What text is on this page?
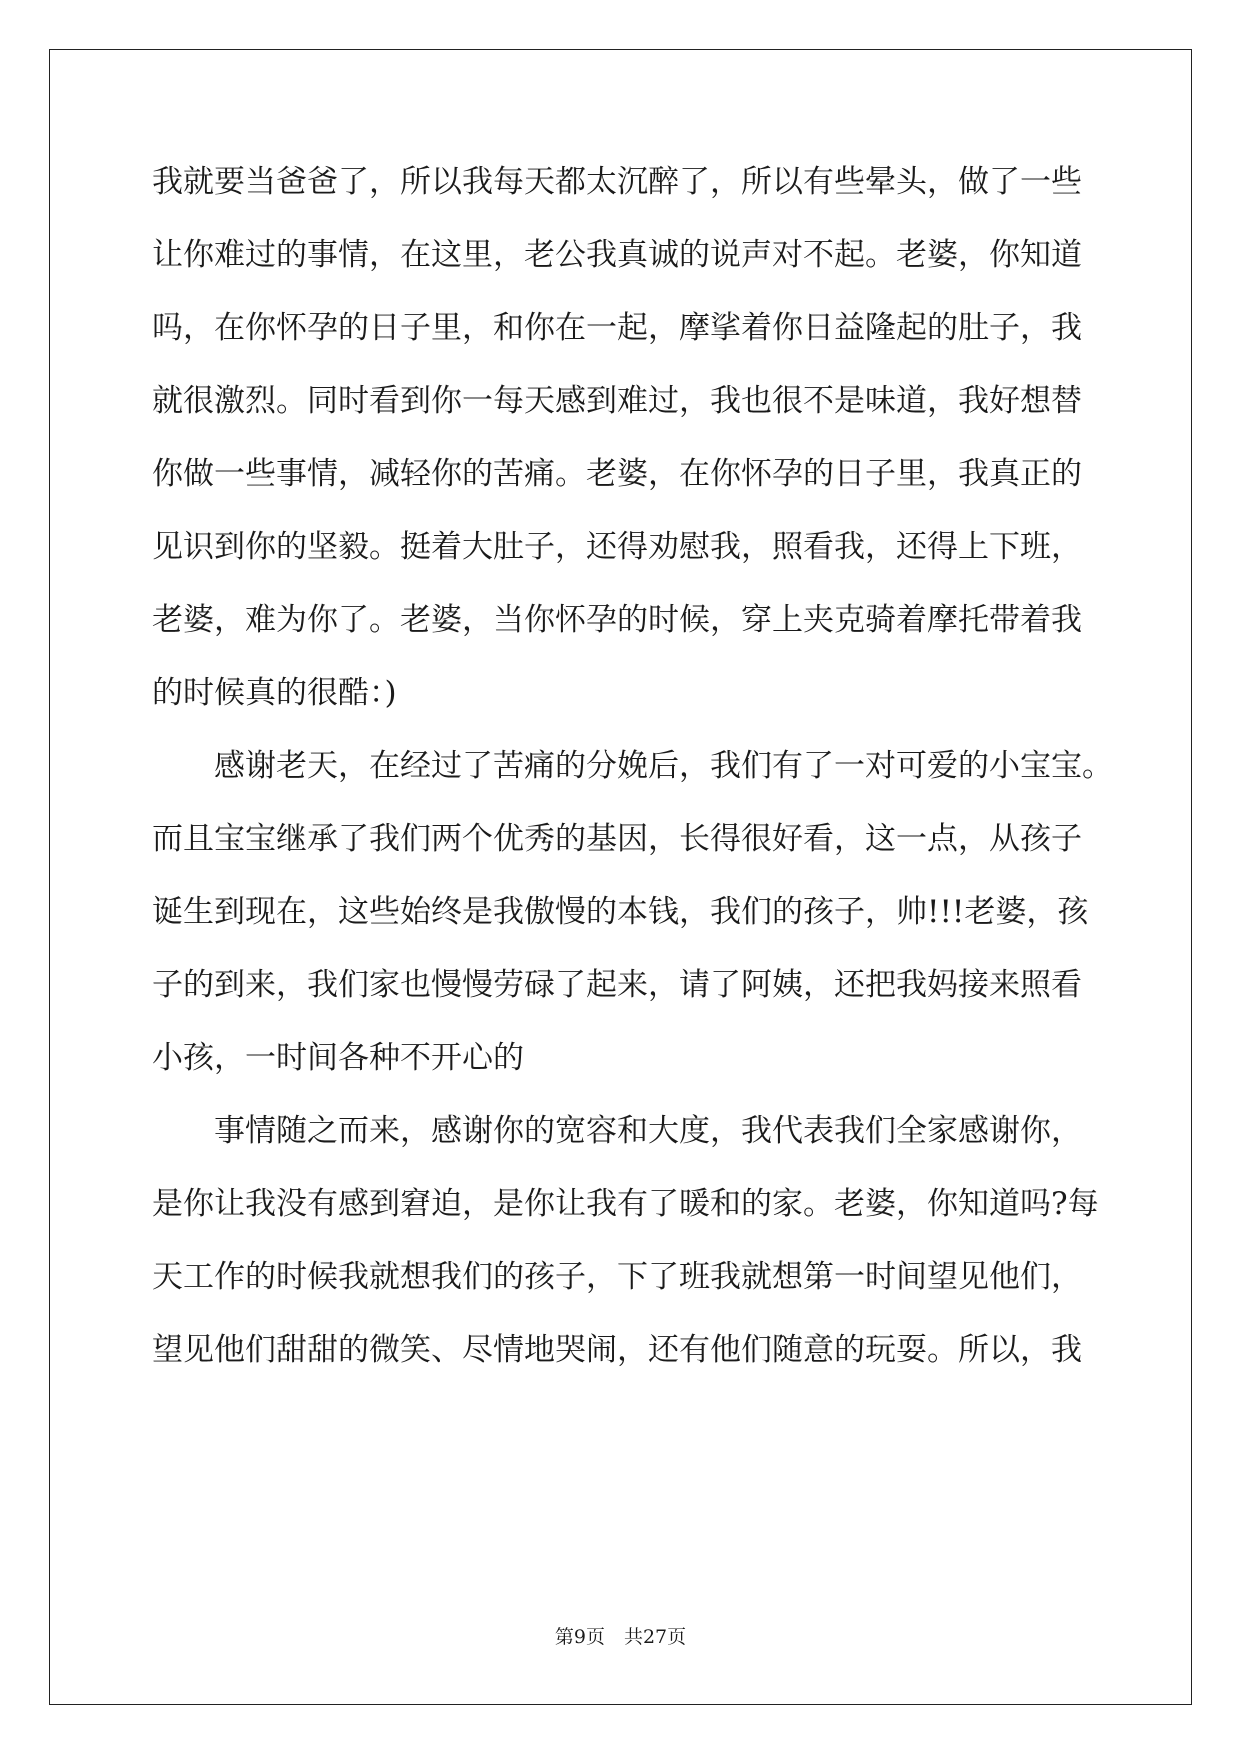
我就要当爸爸了，所以我每天都太沉醉了，所以有些晕头，做了一些
让你难过的事情，在这里，老公我真诚的说声对不起。老婆，你知道
吗，在你怀孕的日子里，和你在一起，摩挲着你日益隆起的肚子，我
就很激烈。同时看到你一每天感到难过，我也很不是味道，我好想替
你做一些事情，减轻你的苦痛。老婆，在你怀孕的日子里，我真正的
见识到你的坚毅。挺着大肚子，还得劝慰我，照看我，还得上下班，
老婆，难为你了。老婆，当你怀孕的时候，穿上夹克骑着摩托带着我
的时候真的很酷：)
感谢老天，在经过了苦痛的分娩后，我们有了一对可爱的小宝宝。
而且宝宝继承了我们两个优秀的基因，长得很好看，这一点，从孩子
诞生到现在，这些始终是我傲慢的本钱，我们的孩子，帅!!!老婆，孩
子的到来，我们家也慢慢劳碌了起来，请了阿姨，还把我妈接来照看
小孩，一时间各种不开心的
事情随之而来，感谢你的宽容和大度，我代表我们全家感谢你，
是你让我没有感到窘迫，是你让我有了暖和的家。老婆，你知道吗?每
天工作的时候我就想我们的孩子，下了班我就想第一时间望见他们，
望见他们甜甜的微笑、尽情地哭闹，还有他们随意的玩耍。所以，我
第9页　共27页
